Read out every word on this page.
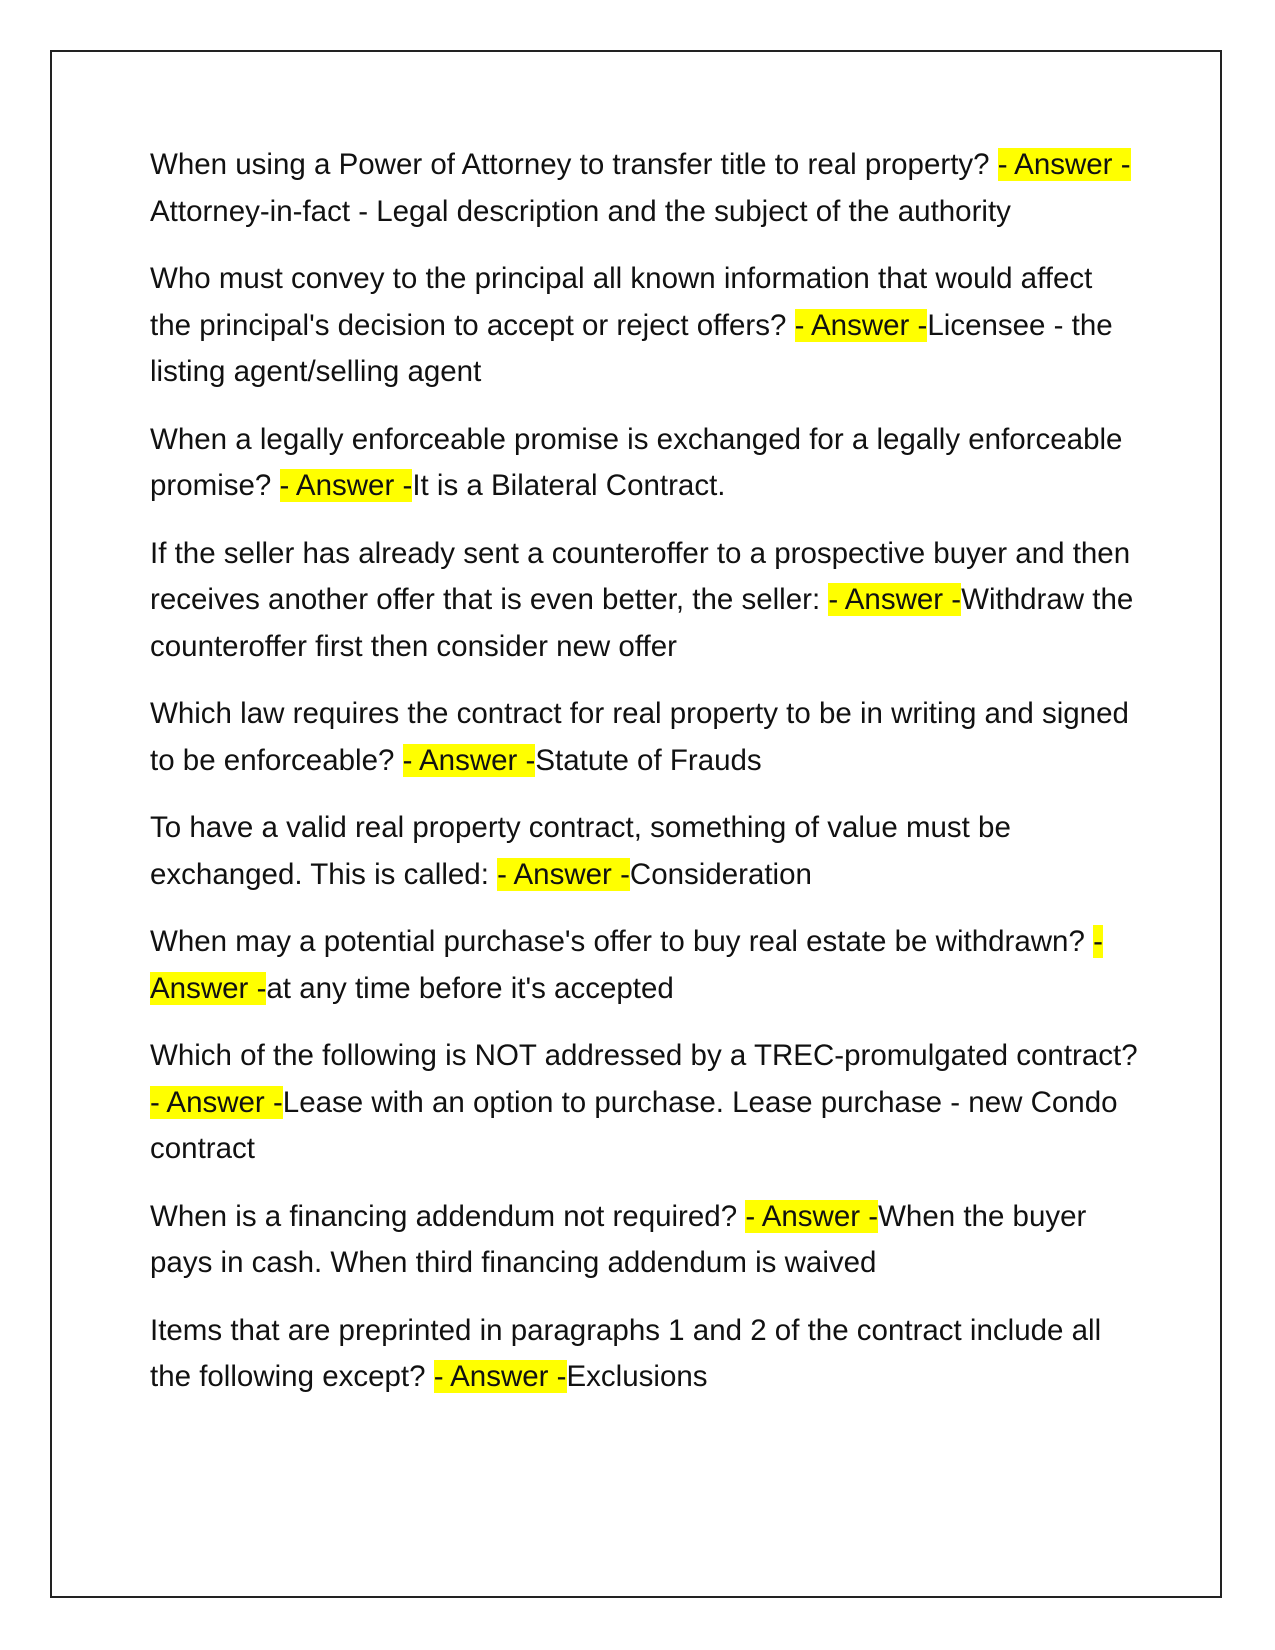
When using a Power of Attorney to transfer title to real property? - Answer -Attorney-in-fact - Legal description and the subject of the authority

Who must convey to the principal all known information that would affect the principal's decision to accept or reject offers? - Answer -Licensee - the listing agent/selling agent

When a legally enforceable promise is exchanged for a legally enforceable promise? - Answer -It is a Bilateral Contract.

If the seller has already sent a counteroffer to a prospective buyer and then receives another offer that is even better, the seller: - Answer -Withdraw the counteroffer first then consider new offer

Which law requires the contract for real property to be in writing and signed to be enforceable? - Answer -Statute of Frauds

To have a valid real property contract, something of value must be exchanged. This is called: - Answer -Consideration

When may a potential purchase's offer to buy real estate be withdrawn? - Answer -at any time before it's accepted

Which of the following is NOT addressed by a TREC-promulgated contract? - Answer -Lease with an option to purchase. Lease purchase - new Condo contract

When is a financing addendum not required? - Answer -When the buyer pays in cash. When third financing addendum is waived

Items that are preprinted in paragraphs 1 and 2 of the contract include all the following except? - Answer -Exclusions
